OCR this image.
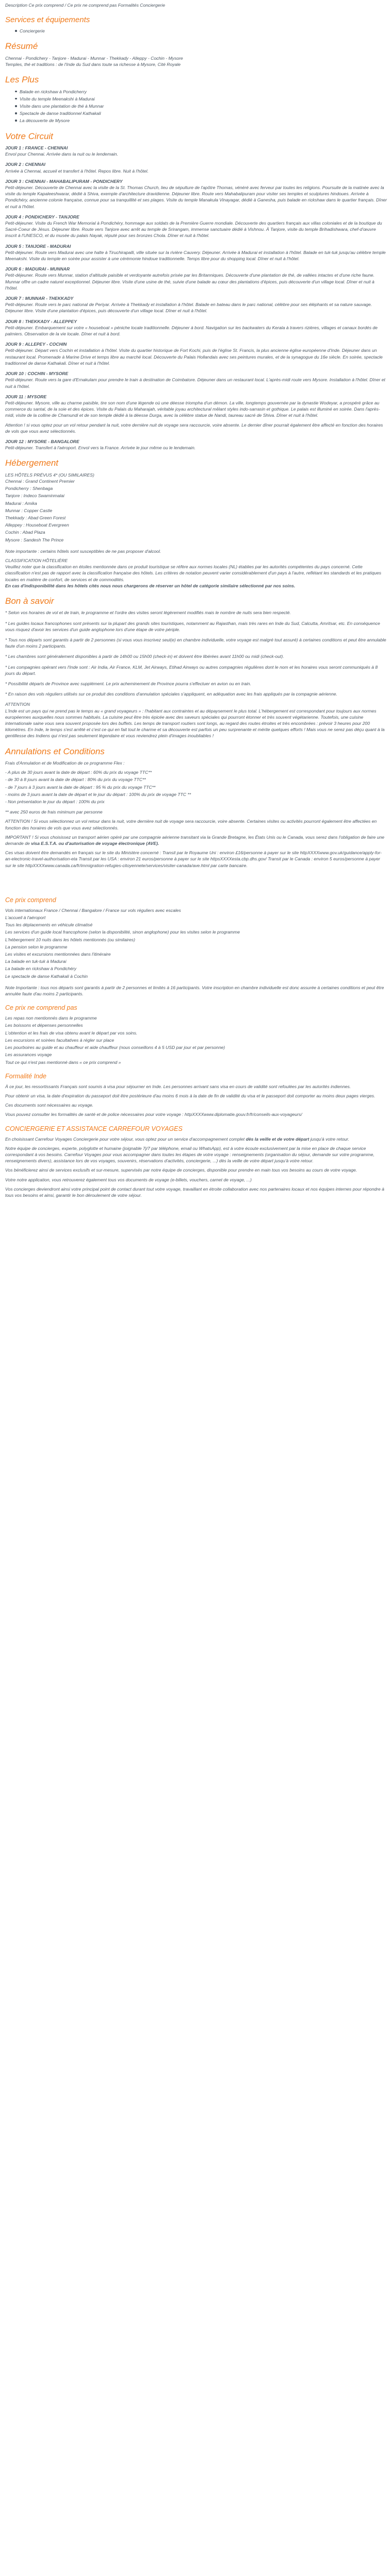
Description Ce prix comprend / Ce prix ne comprend pas Formalités Conciergerie
Services et équipements
Conciergerie
Résumé
Chennai - Pondichery - Tanjore - Madurai - Munnar - Thekkady - Alleppy - Cochin - Mysore
Temples, thé et traditions : de l'Inde du Sud dans toute sa richesse à Mysore, Cité Royale
Les Plus
Balade en rickshaw à Pondicherry
Visite du temple Meenakshi à Madurai
Visite dans une plantation de thé à Munnar
Spectacle de danse traditionnel Kathakali
La découverte de Mysore
Votre Circuit
JOUR 1 : FRANCE - CHENNAI
Envol pour Chennai. Arrivée dans la nuit ou le lendemain.
JOUR 2 : CHENNAI
Arrivée à Chennai, accueil et transfert à l'hôtel. Repos libre. Nuit à l'hôtel.
JOUR 3 : CHENNAI - MAHABALIPURAM - PONDICHERY
Petit-déjeuner. Découverte de Chennai avec la visite de la St. Thomas Church, lieu de sépulture de l'apôtre Thomas, vénéré avec ferveur par toutes les religions. Poursuite de la matinée avec la visite du temple Kapaleeshwarar, dédié à Shiva, exemple d'architecture dravidienne. Déjeuner libre. Route vers Mahabalipuram pour visiter ses temples et sculptures hindoues. Arrivée à Pondichéry, ancienne colonie française, connue pour sa tranquillité et ses plages. Visite du temple Manakula Vinayagar, dédié à Ganesha, puis balade en rickshaw dans le quartier français. Dîner et nuit à l'hôtel.
JOUR 4 : PONDICHERY - TANJORE
Petit-déjeuner. Visite du French War Memorial à Pondichéry, hommage aux soldats de la Première Guerre mondiale. Découverte des quartiers français aux villas coloniales et de la boutique du Sacré-Coeur de Jésus. Déjeuner libre. Route vers Tanjore avec arrêt au temple de Srirangam, immense sanctuaire dédié à Vishnou. À Tanjore, visite du temple Brihadishwara, chef-d'œuvre inscrit à l'UNESCO, et du musée du palais Nayak, réputé pour ses bronzes Chola. Dîner et nuit à l'hôtel.
JOUR 5 : TANJORE - MADURAI
Petit-déjeuner. Route vers Madurai avec une halte à Tiruchirapalli, ville située sur la rivière Cauvery. Déjeuner. Arrivée à Madurai et installation à l'hôtel. Balade en tuk-tuk jusqu'au célèbre temple Meenakshi. Visite du temple en soirée pour assister à une cérémonie hindoue traditionnelle. Temps libre pour du shopping local. Dîner et nuit à l'hôtel.
JOUR 6 : MADURAI - MUNNAR
Petit-déjeuner. Route vers Munnar, station d'altitude paisible et verdoyante autrefois prisée par les Britanniques. Découverte d'une plantation de thé, de vallées intactes et d'une riche faune. Munnar offre un cadre naturel exceptionnel. Déjeuner libre. Visite d'une usine de thé, suivie d'une balade au cœur des plantations d'épices, puis découverte d'un village local. Dîner et nuit à l'hôtel.
JOUR 7 : MUNNAR - THEKKADY
Petit-déjeuner. Route vers le parc national de Periyar. Arrivée à Thekkady et installation à l'hôtel. Balade en bateau dans le parc national, célèbre pour ses éléphants et sa nature sauvage. Déjeuner libre. Visite d'une plantation d'épices, puis découverte d'un village local. Dîner et nuit à l'hôtel.
JOUR 8 : THEKKADY - ALLEPPEY
Petit-déjeuner. Embarquement sur votre « houseboat » péniche locale traditionnelle. Déjeuner à bord. Navigation sur les backwaters du Kerala à travers rizières, villages et canaux bordés de palmiers. Observation de la vie locale. Dîner et nuit à bord.
JOUR 9 : ALLEPEY - COCHIN
Petit-déjeuner. Départ vers Cochin et installation à l'hôtel. Visite du quartier historique de Fort Kochi, puis de l'église St. Francis, la plus ancienne église européenne d'Inde. Déjeuner dans un restaurant local. Promenade à Marine Drive et temps libre au marché local. Découverte du Palais Hollandais avec ses peintures murales, et de la synagogue du 16e siècle. En soirée, spectacle traditionnel de danse Kathakali. Dîner et nuit à l'hôtel.
JOUR 10 : COCHIN - MYSORE
Petit-déjeuner. Route vers la gare d'Ernakulam pour prendre le train à destination de Coimbatore. Déjeuner dans un restaurant local. L'après-midi route vers Mysore. Installation à l'hôtel. Dîner et nuit à l'hôtel.
JOUR 11 : MYSORE
Petit-déjeuner. Mysore, ville au charme paisible, tire son nom d'une légende où une déesse triompha d'un démon. La ville, longtemps gouvernée par la dynastie Wodeyar, a prospéré grâce au commerce du santal, de la soie et des épices. Visite du Palais du Maharajah, véritable joyau architectural mêlant styles indo-sarrasin et gothique. Le palais est illuminé en soirée. Dans l'après-midi, visite de la colline de Chamundi et de son temple dédié à la déesse Durga, avec la célèbre statue de Nandi, taureau sacré de Shiva. Dîner et nuit à l'hôtel.
Attention ! si vous optez pour un vol retour pendant la nuit, votre dernière nuit de voyage sera raccourcie, voire absente. Le dernier dîner pourrait également être affecté en fonction des horaires de vols que vous avez sélectionnés.
JOUR 12 : MYSORE - BANGALORE
Petit-déjeuner. Transfert à l'aéroport. Envol vers la France. Arrivée le jour même ou le lendemain.
Hébergement
LES HÔTELS PRÉVUS 4* (OU SIMILAIRES)
Chennai : Grand Continent Premier
Pondicherry : Shenbaga
Tanjore : Indeco Swaminmalai
Madurai : Amika
Munnar : Copper Castle
Thekkady : Abad Green Forest
Alleppey : Houseboat Evergreen
Cochin : Abad Plaza
Mysore : Sandesh The Prince

Note importante : certains hôtels sont susceptibles de ne pas proposer d'alcool.

CLASSIFICATION HÔTELIÈRE
Veuillez noter que la classification en étoiles mentionnée dans ce produit touristique se réfère aux normes locales (NL) établies par les autorités compétentes du pays concerné. Cette classification n'est pas de rapport avec la classification française des hôtels. Les critères de notation peuvent varier considérablement d'un pays à l'autre, reflétant les standards et les pratiques locales en matière de confort, de services et de commodités.
En cas d'indisponibilité dans les hôtels cités nous nous chargerons de réserver un hôtel de catégorie similaire sélectionné par nos soins.
Bon à savoir

* Selon vos horaires de vol et de train, le programme et l'ordre des visites seront légèrement modifiés mais le nombre de nuits sera bien respecté.

* Les guides locaux francophones sont présents sur la plupart des grands sites touristiques, notamment au Rajasthan, mais très rares en Inde du Sud, Calcutta, Amritsar, etc. En conséquence vous risquez d'avoir les services d'un guide anglophone lors d'une étape de votre périple.

* Tous nos départs sont garantis à partir de 2 personnes (si vous vous inscrivez seul(e) en chambre individuelle, votre voyage est malgré tout assuré) à certaines conditions et peut être annulable faute d'un moins 2 participants.

* Les chambres sont généralement disponibles à partir de 14h00 ou 15h00 (check-in) et doivent être libérées avant 11h00 ou midi (check-out).

* Les compagnies opérant vers l'Inde sont : Air India, Air France, KLM, Jet Airways, Etihad Airways ou autres compagnies régulières dont le nom et les horaires vous seront communiqués à 8 jours du départ.

* Possibilité départs de Province avec supplément. Le prix acheminement de Province pourra s'effectuer en avion ou en train.

* En raison des vols réguliers utilisés sur ce produit des conditions d'annulation spéciales s'appliquent, en adéquation avec les frais appliqués par la compagnie aérienne.

ATTENTION
L'Inde est un pays qui ne prend pas le temps au « grand voyageurs » : l'habitant aux contraintes et au dépaysement le plus total. L'hébergement est correspondant pour toujours aux normes européennes auxquelles nous sommes habitués. La cuisine peut être très épicée avec des saveurs spéciales qui pourront étonner et très souvent végétarienne. Toutefois, une cuisine internationale saine vous sera souvent proposée lors des buffets. Les temps de transport routiers sont longs, au regard des routes étroites et très encombrées : prévoir 3 heures pour 200 kilomètres. En Inde, le temps s'est arrêté et c'est ce qui en fait tout le charme et sa découverte est parfois un peu surprenante et mérite quelques efforts ! Mais vous ne serez pas déçu quant à la gentillesse des Indiens qui n'est pas seulement légendaire et vous reviendrez plein d'images inoubliables !
Annulations et Conditions

Frais d'Annulation et de Modification de ce programme Flex :

- A plus de 30 jours avant la date de départ : 60% du prix du voyage TTC**
- de 30 à 8 jours avant la date de départ : 80% du prix du voyage TTC**
- de 7 jours à 3 jours avant la date de départ : 95 % du prix du voyage TTC**
- moins de 3 jours avant la date de départ et le jour du départ : 100% du prix de voyage TTC **
- Non présentation le jour du départ : 100% du prix

** avec 250 euros de frais minimum par personne

ATTENTION ! Si vous sélectionnez un vol retour dans la nuit, votre dernière nuit de voyage sera raccourcie, voire absente. Certaines visites ou activités pourront également être affectées en fonction des horaires de vols que vous avez sélectionnés.

IMPORTANT ! Si vous choisissez un transport aérien opéré par une compagnie aérienne transitant via la Grande Bretagne, les États Unis ou le Canada, vous serez dans l'obligation de faire une demande de visa E.S.T.A. ou d'autorisation de voyage électronique (AVE).

Ces visas doivent être demandés en français sur le site du Ministère concerné : Transit par le Royaume Uni : environ £16/personne à payer sur le site httpXXXXwww.gov.uk/guidance/apply-for-an-electronic-travel-authorisation-eta Transit par les USA : environ 21 euros/personne à payer sur le site httpsXXXXesta.cbp.dhs.gov/ Transit par le Canada : environ 5 euros/personne à payer sur le site httpXXXXwww.canada.ca/fr/immigration-refugies-citoyennete/services/visiter-canada/ave.html par carte bancaire.

Ce prix comprend
Vols internationaux France / Chennai / Bangalore / France sur vols réguliers avec escales
L'accueil à l'aéroport
Tous les déplacements en véhicule climatisé
Les services d'un guide local francophone (selon la disponibilité, sinon anglophone) pour les visites selon le programme
L'hébergement 10 nuits dans les hôtels mentionnés (ou similaires)
La pension selon le programme
Les visites et excursions mentionnées dans l'itinéraire
La balade en tuk-tuk à Madurai
La balade en rickshaw à Pondichéry
Le spectacle de danse Kathakali à Cochin

Note Importante : tous nos départs sont garantis à partir de 2 personnes et limités à 16 participants. Votre inscription en chambre individuelle est donc assurée à certaines conditions et peut être annulée faute d'au moins 2 participants.

Ce prix ne comprend pas
Les repas non mentionnés dans le programme
Les boissons et dépenses personnelles
L'obtention et les frais de visa obtenu avant le départ par vos soins.
Les excursions et soirées facultatives à régler sur place
Les pourboires au guide et au chauffeur et aide chauffeur (nous conseillons 4 à 5 USD par jour et par personne)
Les assurances voyage
Tout ce qui n'est pas mentionné dans « ce prix comprend »
Formalité Inde

À ce jour, les ressortissants Français sont soumis à visa pour séjourner en Inde. Les personnes arrivant sans visa en cours de validité sont refoulées par les autorités indiennes.

Pour obtenir un visa, la date d'expiration du passeport doit être postérieure d'au moins 6 mois à la date de fin de validité du visa et le passeport doit comporter au moins deux pages vierges.

Ces documents sont nécessaires au voyage.

Vous pouvez consulter les formalités de santé et de police nécessaires pour votre voyage : httpXXXXwww.diplomatie.gouv.fr/fr/conseils-aux-voyageurs/

CONCIERGERIE ET ASSISTANCE CARREFOUR VOYAGES

En choisissant Carrefour Voyages Conciergerie pour votre séjour, vous optez pour un service d'accompagnement complet dès la veille et de votre départ jusqu'à votre retour.

Notre équipe de concierges, experte, polyglotte et humaine (joignable 7j/7 par téléphone, email ou WhatsApp), est à votre écoute exclusivement par la mise en place de chaque service correspondant à vos besoins. Carrefour Voyages pour vous accompagner dans toutes les étapes de votre voyage : renseignements (organisation du séjour, demande sur votre programme, renseignements divers), assistance lors de vos voyages, souvenirs, réservations d'activités, conciergerie, ...) dès la veille de votre départ jusqu'à votre retour.

Vos bénéficierez ainsi de services exclusifs et sur-mesure, supervisés par notre équipe de concierges, disponible pour prendre en main tous vos besoins au cours de votre voyage.

Votre notre application, vous retrouverez également tous vos documents de voyage (e-billets, vouchers, carnet de voyage, ...)

Vos concierges deviendront ainsi votre principal point de contact durant tout votre voyage, travaillant en étroite collaboration avec nos partenaires locaux et nos équipes internes pour répondre à tous vos besoins et ainsi, garantir le bon déroulement de votre séjour.
